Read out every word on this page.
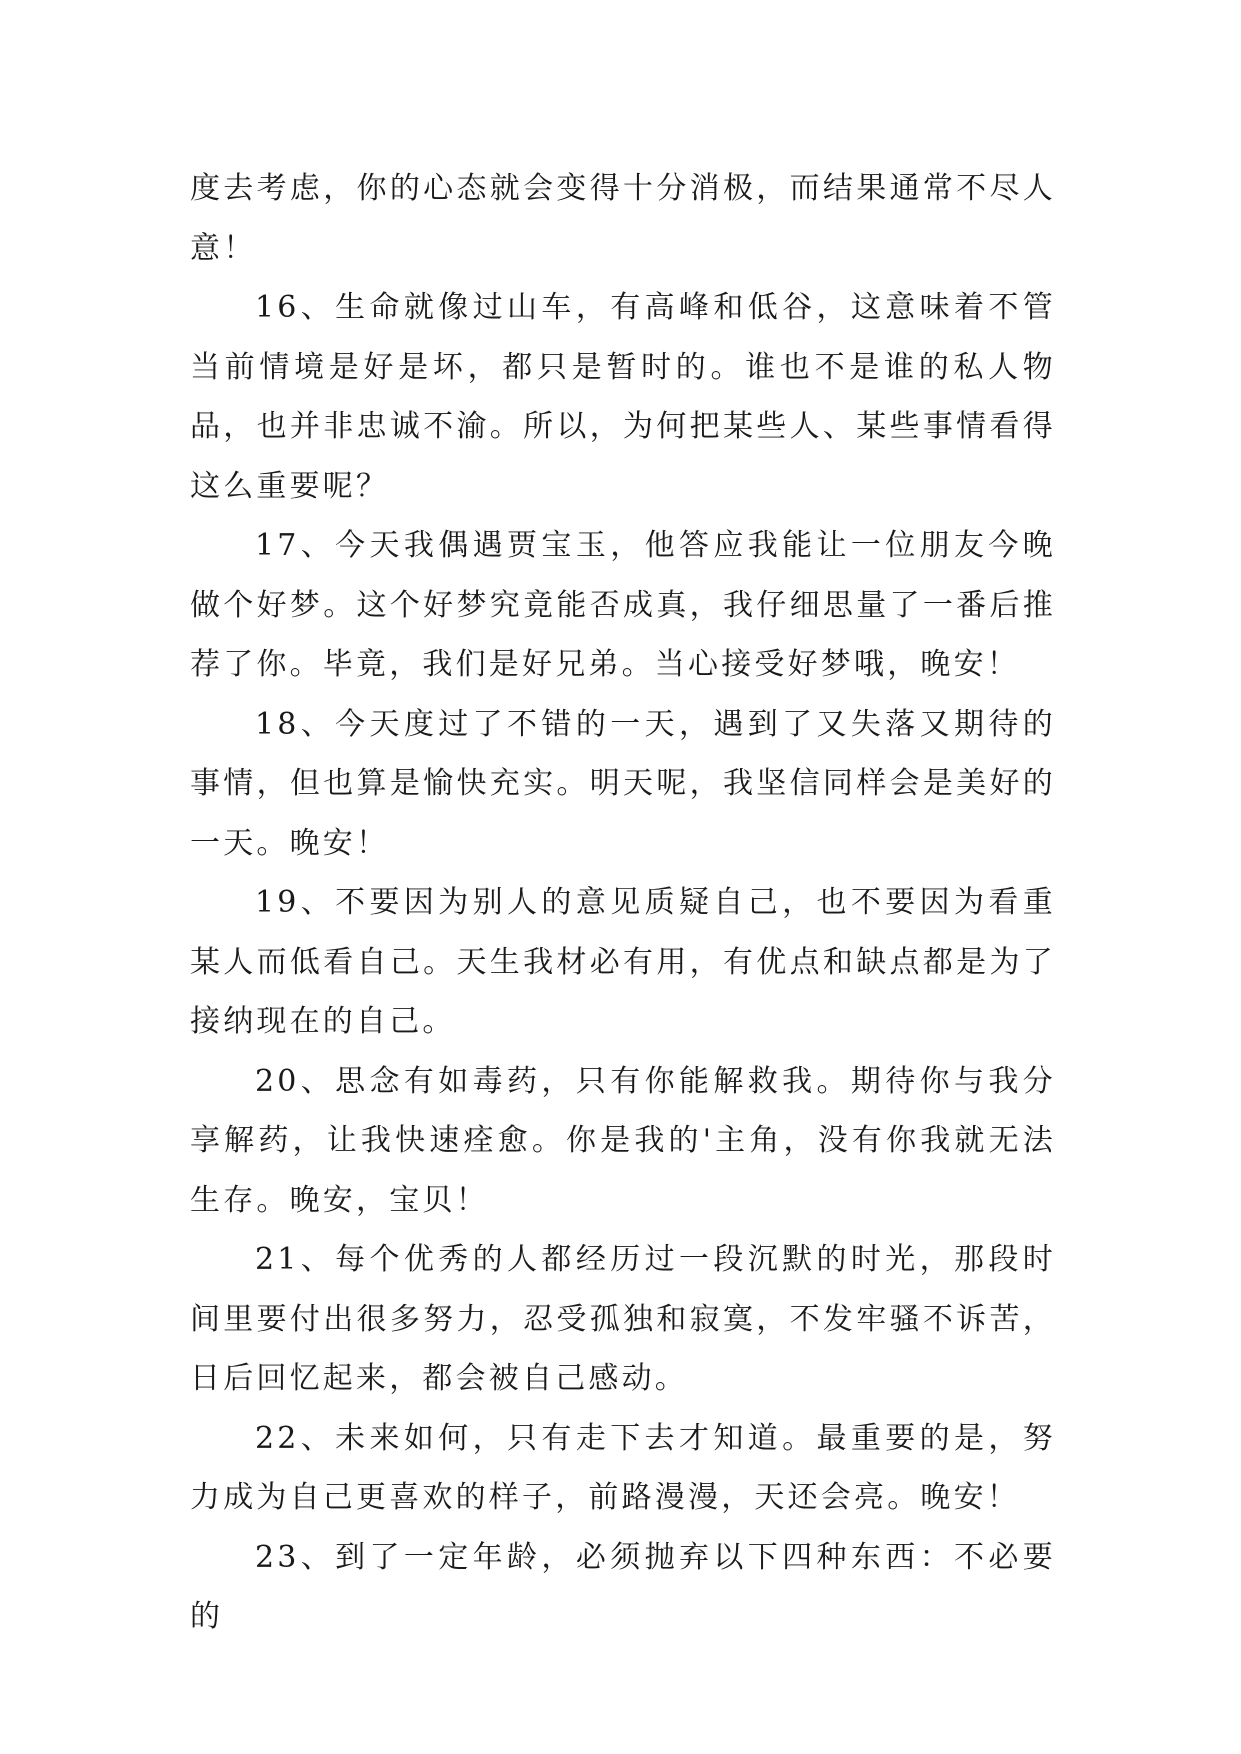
度去考虑，你的心态就会变得十分消极，而结果通常不尽人意！

16、生命就像过山车，有高峰和低谷，这意味着不管当前情境是好是坏，都只是暂时的。谁也不是谁的私人物品，也并非忠诚不渝。所以，为何把某些人、某些事情看得这么重要呢？

17、今天我偶遇贾宝玉，他答应我能让一位朋友今晚做个好梦。这个好梦究竟能否成真，我仔细思量了一番后推荐了你。毕竟，我们是好兄弟。当心接受好梦哦，晚安！

18、今天度过了不错的一天，遇到了又失落又期待的事情，但也算是愉快充实。明天呢，我坚信同样会是美好的一天。晚安！

19、不要因为别人的意见质疑自己，也不要因为看重某人而低看自己。天生我材必有用，有优点和缺点都是为了接纳现在的自己。

20、思念有如毒药，只有你能解救我。期待你与我分享解药，让我快速痊愈。你是我的'主角，没有你我就无法生存。晚安，宝贝！

21、每个优秀的人都经历过一段沉默的时光，那段时间里要付出很多努力，忍受孤独和寂寞，不发牢骚不诉苦，日后回忆起来，都会被自己感动。

22、未来如何，只有走下去才知道。最重要的是，努力成为自己更喜欢的样子，前路漫漫，天还会亮。晚安！

23、到了一定年龄，必须抛弃以下四种东西：不必要的
